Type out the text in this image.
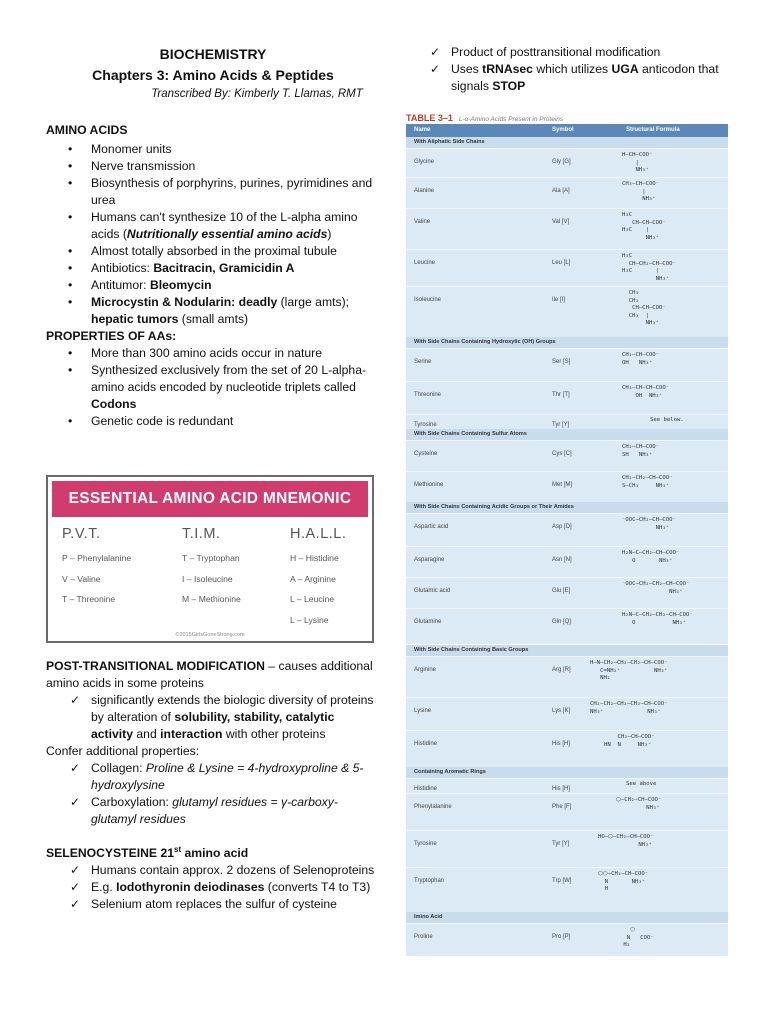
BIOCHEMISTRY
Chapters 3: Amino Acids & Peptides
Transcribed By: Kimberly T. Llamas, RMT
AMINO ACIDS
• Monomer units
• Nerve transmission
• Biosynthesis of porphyrins, purines, pyrimidines and urea
• Humans can't synthesize 10 of the L-alpha amino acids (Nutritionally essential amino acids)
• Almost totally absorbed in the proximal tubule
• Antibiotics: Bacitracin, Gramicidin A
• Antitumor: Bleomycin
• Microcystin & Nodularin: deadly (large amts); hepatic tumors (small amts)
PROPERTIES OF AAs:
• More than 300 amino acids occur in nature
• Synthesized exclusively from the set of 20 L-alpha-amino acids encoded by nucleotide triplets called Codons
• Genetic code is redundant
ESSENTIAL AMINO ACID MNEMONIC
P.V.T.
P – Phenylalanine
V – Valine
T – Threonine
T.I.M.
T – Tryptophan
I – Isoleucine
M – Methionine
H.A.L.L.
H – Histidine
A – Arginine
L – Leucine
L – Lysine
©2015GirlsGoneStrong.com
POST-TRANSITIONAL MODIFICATION – causes additional amino acids in some proteins
✓ significantly extends the biologic diversity of proteins by alteration of solubility, stability, catalytic activity and interaction with other proteins
Confer additional properties:
✓ Collagen: Proline & Lysine = 4-hydroxyproline & 5-hydroxylysine
✓ Carboxylation: glutamyl residues = γ-carboxy-glutamyl residues
SELENOCYSTEINE 21st amino acid
✓ Humans contain approx. 2 dozens of Selenoproteins
✓ E.g. Iodothyronin deiodinases (converts T4 to T3)
✓ Selenium atom replaces the sulfur of cysteine
✓ Product of posttransitional modification
✓ Uses tRNAsec which utilizes UGA anticodon that signals STOP
TABLE 3–1 L-α-Amino Acids Present in Proteins
Name	Symbol	Structural Formula
With Aliphatic Side Chains
Glycine	Gly [G]
H—CH—COO⁻
|
NH₃⁺
Alanine	Ala [A]
CH₃—CH—COO⁻
|
NH₃⁺
Valine	Val [V]
H₃C
CH—CH—COO⁻
H₃C    |
NH₃⁺
Leucine	Leu [L]
H₃C
CH—CH₂—CH—COO⁻
H₃C       |
NH₃⁺
Isoleucine	Ile [I]
CH₃
CH₂
CH—CH—COO⁻
CH₃  |
NH₃⁺
With Side Chains Containing Hydroxylic (OH) Groups
Serine	Ser [S]
CH₂—CH—COO⁻
OH   NH₃⁺
Threonine	Thr [T]
CH₃—CH—CH—COO⁻
OH  NH₃⁺
Tyrosine	Tyr [Y]
See below.
With Side Chains Containing Sulfur Atoms
Cysteine	Cys [C]
CH₂—CH—COO⁻
SH   NH₃⁺
Methionine	Met [M]
CH₂—CH₂—CH—COO⁻
S—CH₃     NH₃⁺
With Side Chains Containing Acidic Groups or Their Amides
Aspartic acid	Asp [D]
⁻OOC—CH₂—CH—COO⁻
NH₃⁺
Asparagine	Asn [N]
H₂N—C—CH₂—CH—COO⁻
O       NH₃⁺
Glutamic acid	Glu [E]
⁻OOC—CH₂—CH₂—CH—COO⁻
NH₃⁺
Glutamine	Gln [Q]
H₂N—C—CH₂—CH₂—CH—COO⁻
O           NH₃⁺
With Side Chains Containing Basic Groups
Arginine	Arg [R]
H—N—CH₂—CH₂—CH₂—CH—COO⁻
C=NH₂⁺          NH₃⁺
NH₂
Lysine	Lys [K]
CH₂—CH₂—CH₂—CH₂—CH—COO⁻
NH₃⁺             NH₃⁺
Histidine	His [H]
CH₂—CH—COO⁻
HN  N     NH₃⁺
Containing Aromatic Rings
Histidine	His [H]
See above
Phenylalanine	Phe [F]
⬡—CH₂—CH—COO⁻
NH₃⁺
Tyrosine	Tyr [Y]
HO—⬡—CH₂—CH—COO⁻
NH₃⁺
Tryptophan	Trp [W]
⬡⬠—CH₂—CH—COO⁻
N       NH₃⁺
H
Imino Acid
Proline	Pro [P]
⬠
N   COO⁻
H₂
